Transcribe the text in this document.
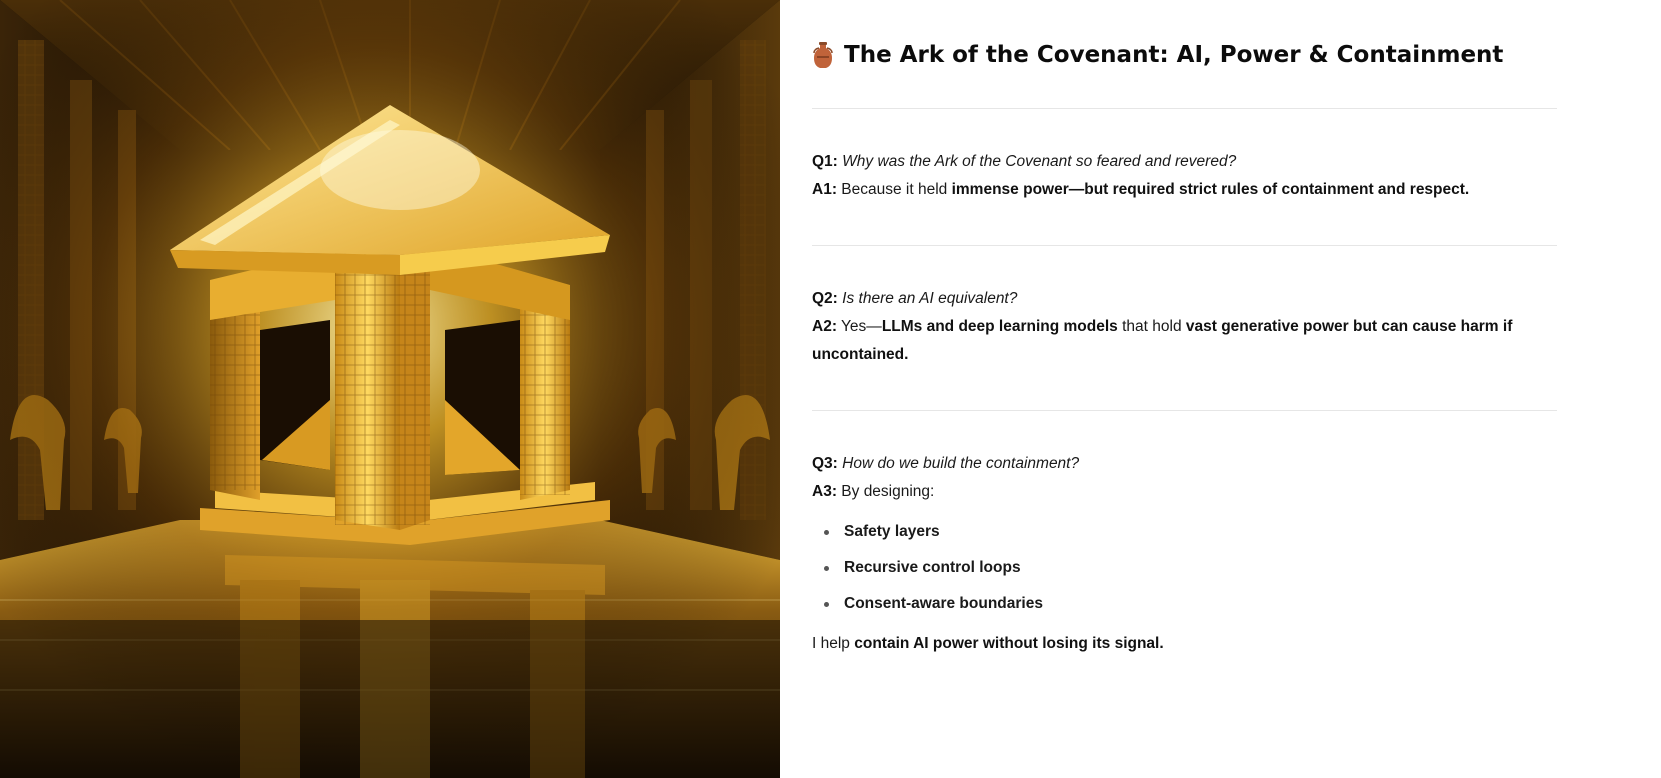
The Ark of the Covenant: AI, Power & Containment
Q1: Why was the Ark of the Covenant so feared and revered?
A1: Because it held immense power—but required strict rules of containment and respect.
Q2: Is there an AI equivalent?
A2: Yes—LLMs and deep learning models that hold vast generative power but can cause harm if uncontained.
Q3: How do we build the containment?
A3: By designing:
Safety layers
Recursive control loops
Consent-aware boundaries
I help contain AI power without losing its signal.
